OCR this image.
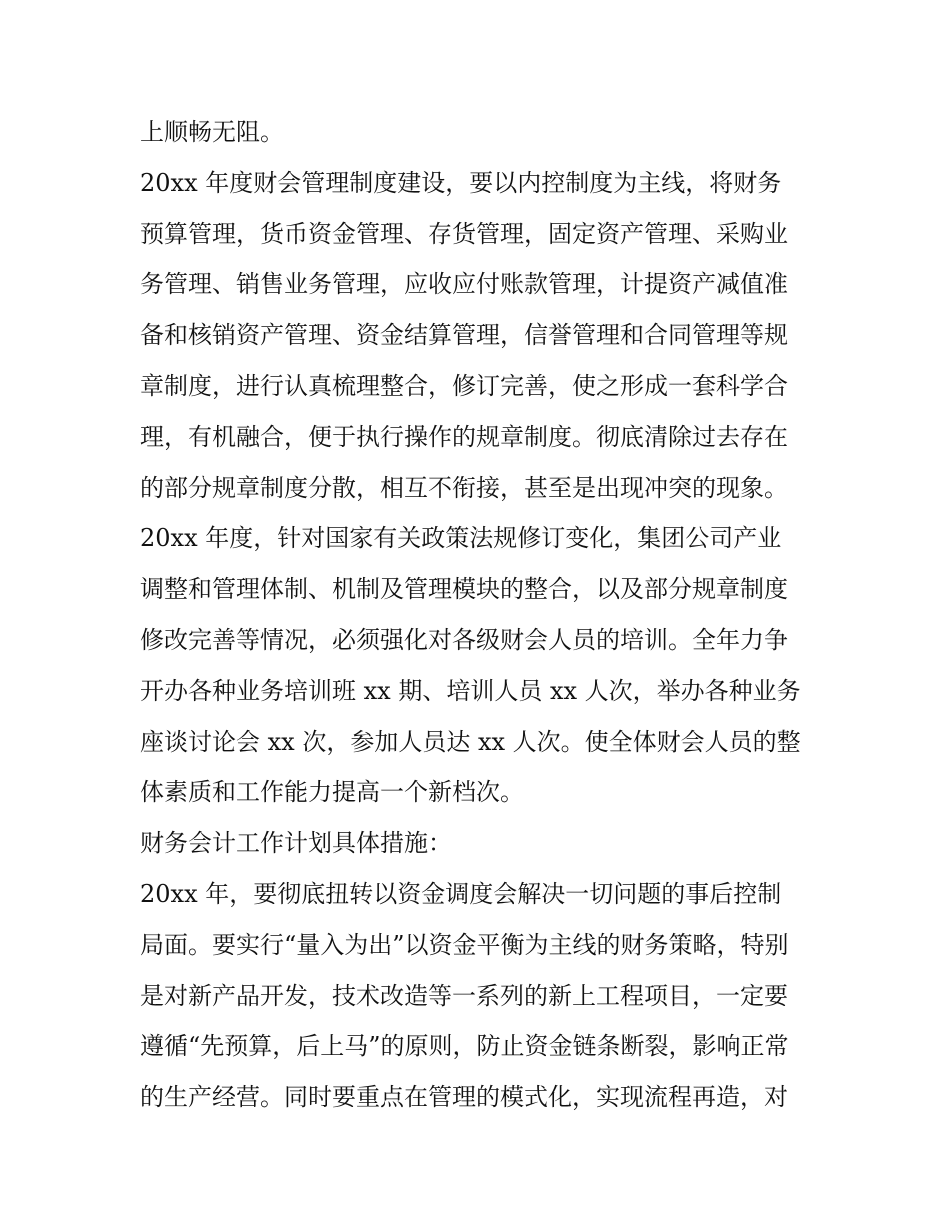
上顺畅无阻。
20xx 年度财会管理制度建设，要以内控制度为主线，将财务
预算管理，货币资金管理、存货管理，固定资产管理、采购业
务管理、销售业务管理，应收应付账款管理，计提资产减值准
备和核销资产管理、资金结算管理，信誉管理和合同管理等规
章制度，进行认真梳理整合，修订完善，使之形成一套科学合
理，有机融合，便于执行操作的规章制度。彻底清除过去存在
的部分规章制度分散，相互不衔接，甚至是出现冲突的现象。
20xx 年度，针对国家有关政策法规修订变化，集团公司产业
调整和管理体制、机制及管理模块的整合，以及部分规章制度
修改完善等情况，必须强化对各级财会人员的培训。全年力争
开办各种业务培训班 xx 期、培训人员 xx 人次，举办各种业务
座谈讨论会 xx 次，参加人员达 xx 人次。使全体财会人员的整
体素质和工作能力提高一个新档次。
财务会计工作计划具体措施：
20xx 年，要彻底扭转以资金调度会解决一切问题的事后控制
局面。要实行“量入为出”以资金平衡为主线的财务策略，特别
是对新产品开发，技术改造等一系列的新上工程项目，一定要
遵循“先预算，后上马”的原则，防止资金链条断裂，影响正常
的生产经营。同时要重点在管理的模式化，实现流程再造，对
